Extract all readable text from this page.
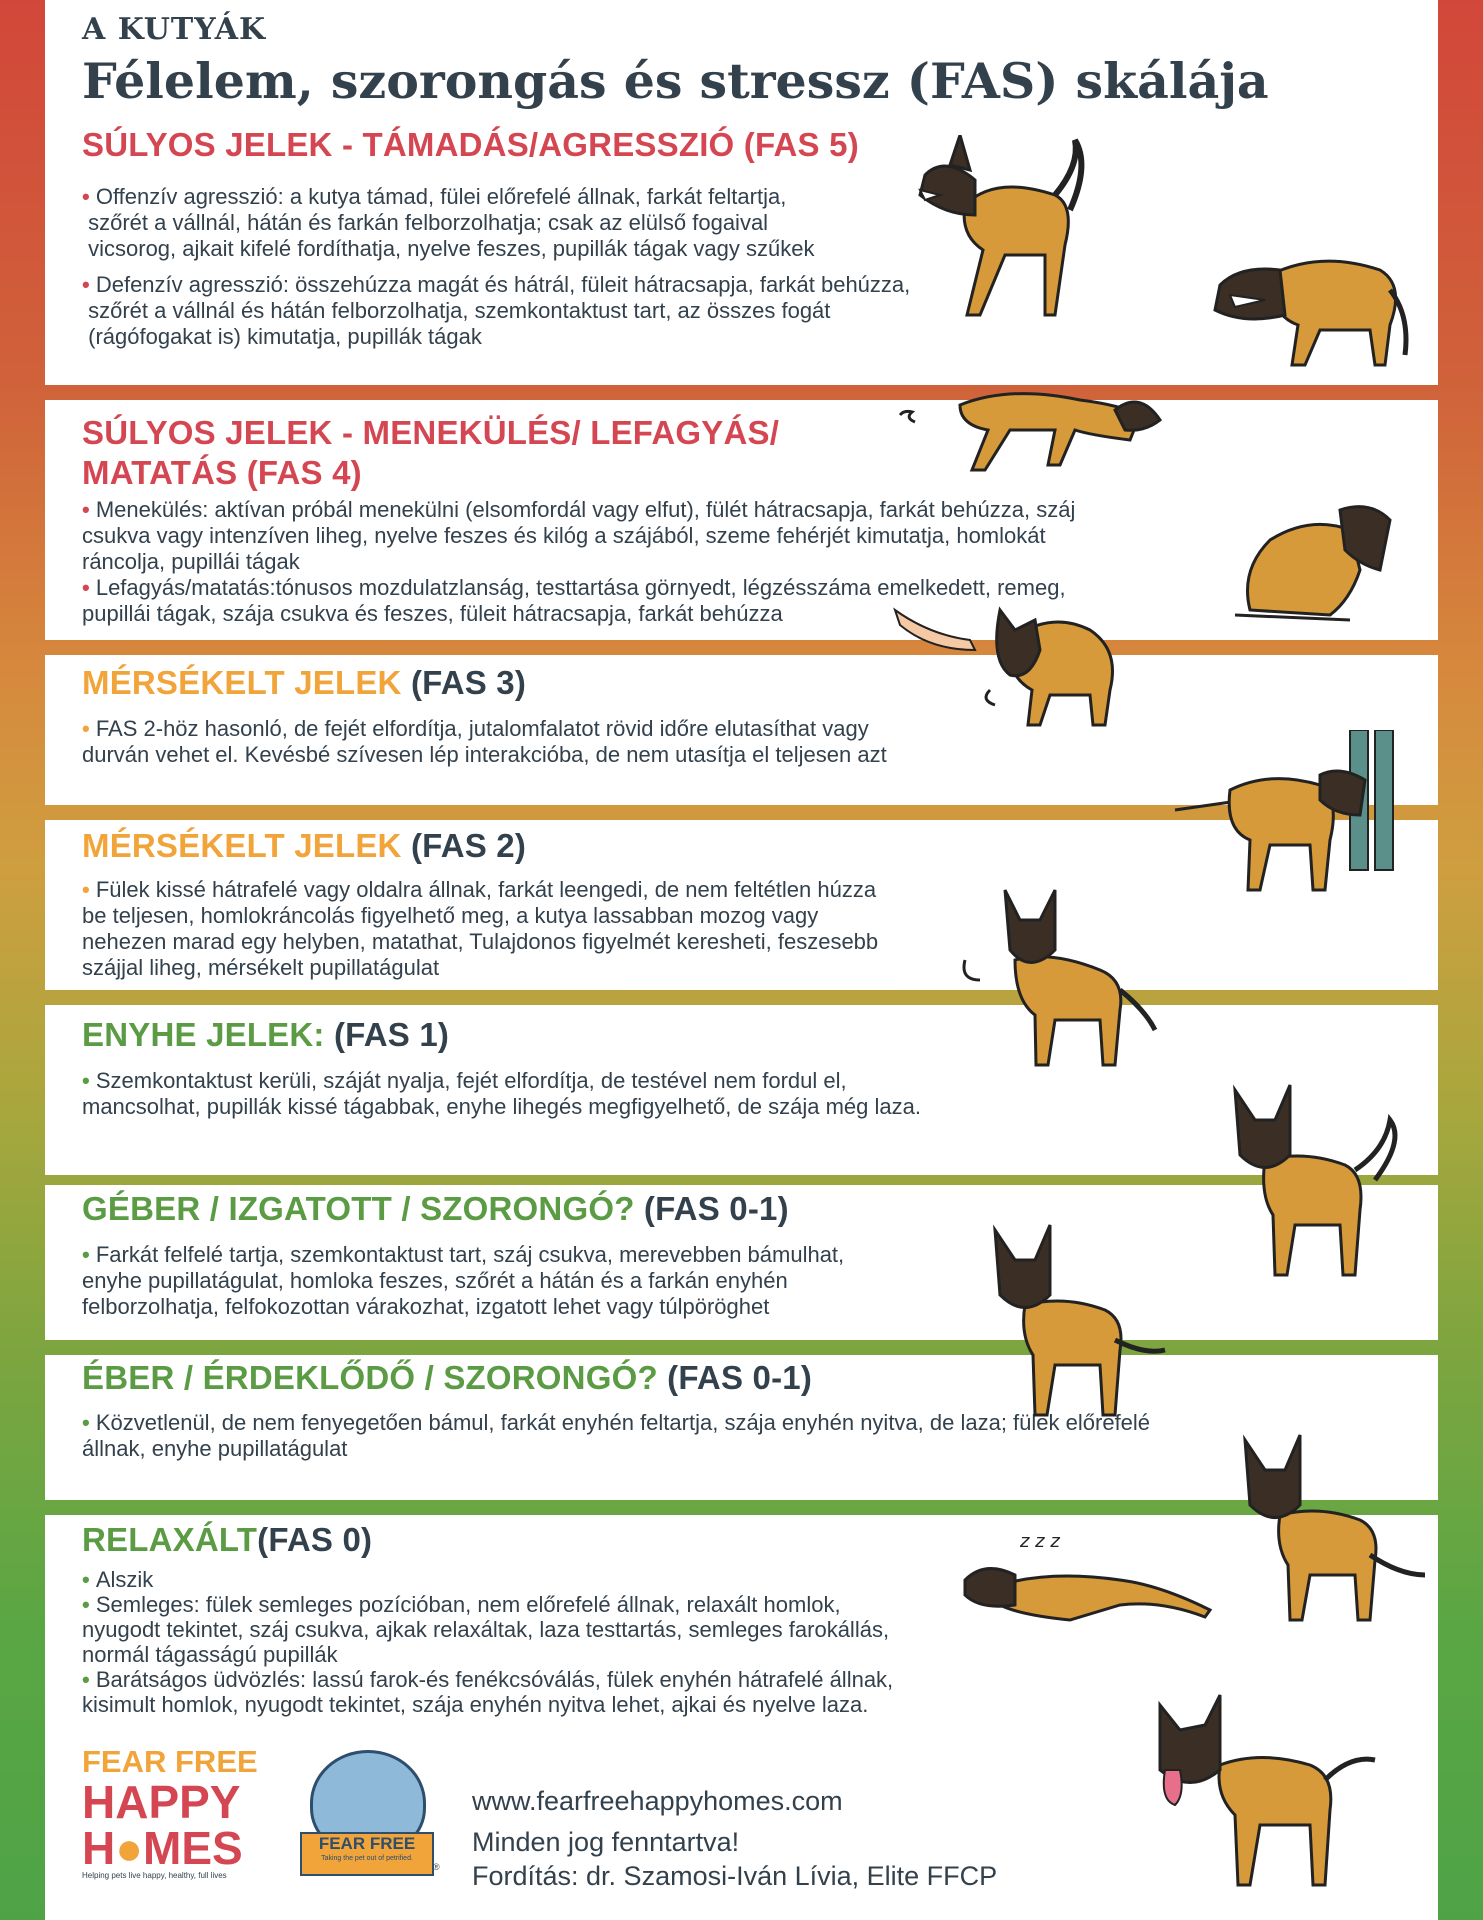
A KUTYÁK
Félelem, szorongás és stressz (FAS) skálája
SÚLYOS JELEK - TÁMADÁS/AGRESSZIÓ (FAS 5)
• Offenzív agresszió: a kutya támad, fülei előrefelé állnak, farkát feltartja,
szőrét a vállnál, hátán és farkán felborzolhatja; csak az elülső fogaival
vicsorog, ajkait kifelé fordíthatja, nyelve feszes, pupillák tágak vagy szűkek
• Defenzív agresszió: összehúzza magát és hátrál, füleit hátracsapja, farkát behúzza,
szőrét a vállnál és hátán felborzolhatja, szemkontaktust tart, az összes fogát
(rágófogakat is) kimutatja, pupillák tágak
SÚLYOS JELEK - MENEKÜLÉS/ LEFAGYÁS/
MATATÁS (FAS 4)
• Menekülés: aktívan próbál menekülni (elsomfordál vagy elfut), fülét hátracsapja, farkát behúzza, száj
csukva vagy intenzíven liheg, nyelve feszes és kilóg a szájából, szeme fehérjét kimutatja, homlokát
ráncolja, pupillái tágak
• Lefagyás/matatás:tónusos mozdulatzlanság, testtartása görnyedt, légzésszáma emelkedett, remeg,
pupillái tágak, szája csukva és feszes, füleit hátracsapja, farkát behúzza
MÉRSÉKELT JELEK (FAS 3)
• FAS 2-höz hasonló, de fejét elfordítja, jutalomfalatot rövid időre elutasíthat vagy
durván vehet el. Kevésbé szívesen lép interakcióba, de nem utasítja el teljesen azt
MÉRSÉKELT JELEK (FAS 2)
• Fülek kissé hátrafelé vagy oldalra állnak, farkát leengedi, de nem feltétlen húzza
be teljesen, homlokráncolás figyelhető meg, a kutya lassabban mozog vagy
nehezen marad egy helyben, matathat, Tulajdonos figyelmét keresheti, feszesebb
szájjal liheg, mérsékelt pupillatágulat
ENYHE JELEK: (FAS 1)
• Szemkontaktust kerüli, száját nyalja, fejét elfordítja, de testével nem fordul el,
mancsolhat, pupillák kissé tágabbak, enyhe lihegés megfigyelhető, de szája még laza.
GÉBER / IZGATOTT / SZORONGÓ? (FAS 0-1)
• Farkát felfelé tartja, szemkontaktust tart, száj csukva, merevebben bámulhat,
enyhe pupillatágulat, homloka feszes, szőrét a hátán és a farkán enyhén
felborzolhatja, felfokozottan várakozhat, izgatott lehet vagy túlpöröghet
ÉBER / ÉRDEKLŐDŐ / SZORONGÓ? (FAS 0-1)
• Közvetlenül, de nem fenyegetően bámul, farkát enyhén feltartja, szája enyhén nyitva, de laza; fülek előrefelé
állnak, enyhe pupillatágulat
RELAXÁLT(FAS 0)
• Alszik
• Semleges: fülek semleges pozícióban, nem előrefelé állnak, relaxált homlok,
nyugodt tekintet, száj csukva, ajkak relaxáltak, laza testtartás, semleges farokállás,
normál tágasságú pupillák
• Barátságos üdvözlés: lassú farok-és fenékcsóválás, fülek enyhén hátrafelé állnak,
kisimult homlok, nyugodt tekintet, szája enyhén nyitva lehet, ajkai és nyelve laza.
z z z
FEAR FREE
HAPPY
H●MES
Helping pets live happy, healthy, full lives
FEAR FREE
Taking the pet out of petrified.
®
www.fearfreehappyhomes.com
Minden jog fenntartva!
Fordítás: dr. Szamosi-Iván Lívia, Elite FFCP
